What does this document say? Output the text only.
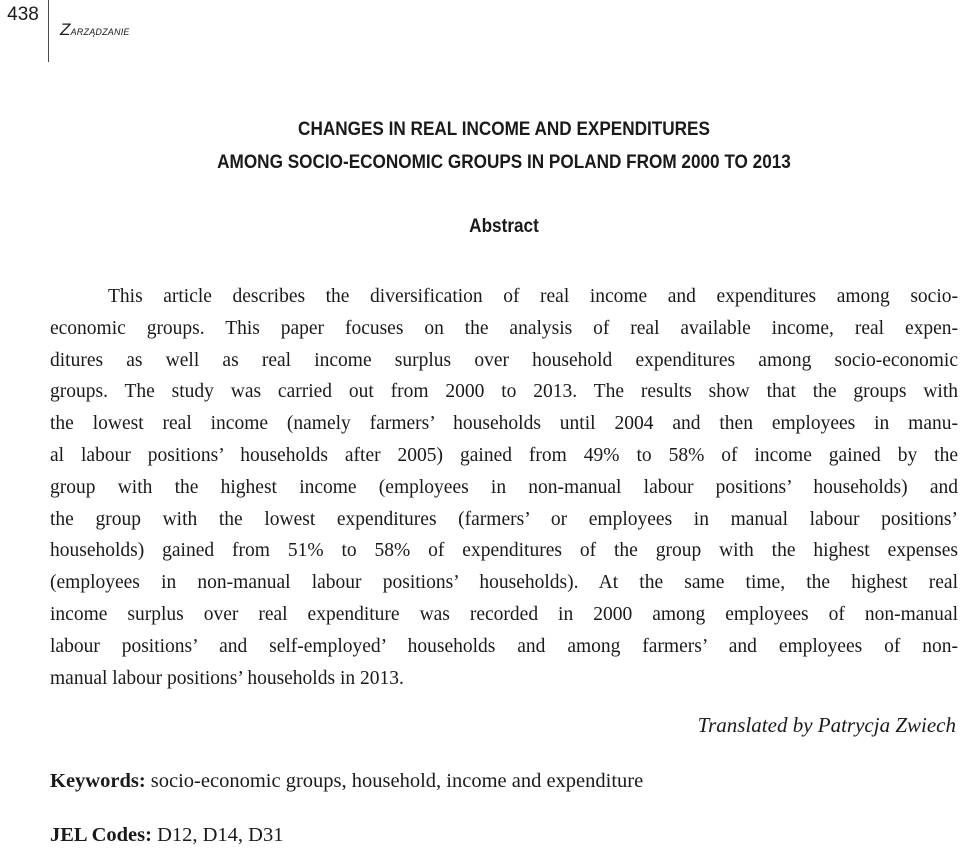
438
Zarządzanie
CHANGES IN REAL INCOME AND EXPENDITURES
AMONG SOCIO-ECONOMIC GROUPS IN POLAND FROM 2000 TO 2013
Abstract
This article describes the diversification of real income and expenditures among socio-
economic groups. This paper focuses on the analysis of real available income, real expen-
ditures as well as real income surplus over household expenditures among socio-economic
groups. The study was carried out from 2000 to 2013. The results show that the groups with
the lowest real income (namely farmers’ households until 2004 and then employees in manu-
al labour positions’ households after 2005) gained from 49% to 58% of income gained by the
group with the highest income (employees in non-manual labour positions’ households) and
the group with the lowest expenditures (farmers’ or employees in manual labour positions’
households) gained from 51% to 58% of expenditures of the group with the highest expenses
(employees in non-manual labour positions’ households). At the same time, the highest real
income surplus over real expenditure was recorded in 2000 among employees of non-manual
labour positions’ and self-employed’ households and among farmers’ and employees of non-
manual labour positions’ households in 2013.
Translated by Patrycja Zwiech
Keywords: socio-economic groups, household, income and expenditure
JEL Codes: D12, D14, D31
